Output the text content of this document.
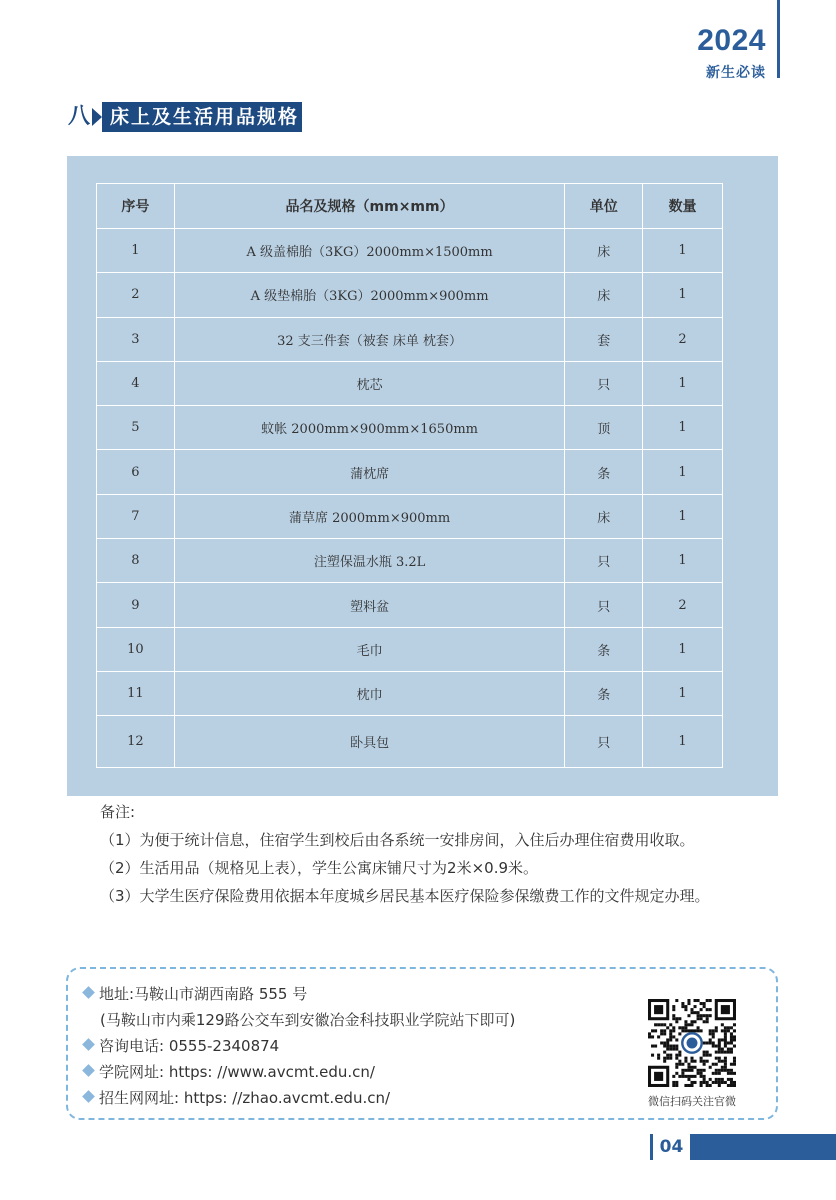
2024
新生必读
八	床上及生活用品规格
序号	品名及规格（mm×mm）	单位	数量
1	A 级盖棉胎（3KG）2000mm×1500mm	床	1
2	A 级垫棉胎（3KG）2000mm×900mm	床	1
3	32 支三件套（被套 床单 枕套）	套	2
4	枕芯	只	1
5	蚊帐 2000mm×900mm×1650mm	顶	1
6	蒲枕席	条	1
7	蒲草席 2000mm×900mm	床	1
8	注塑保温水瓶 3.2L	只	1
9	塑料盆	只	2
10	毛巾	条	1
11	枕巾	条	1
12	卧具包	只	1
备注:
（1）为便于统计信息，住宿学生到校后由各系统一安排房间，入住后办理住宿费用收取。
（2）生活用品（规格见上表），学生公寓床铺尺寸为2米×0.9米。
（3）大学生医疗保险费用依据本年度城乡居民基本医疗保险参保缴费工作的文件规定办理。
地址:马鞍山市湖西南路 555 号
(马鞍山市内乘129路公交车到安徽冶金科技职业学院站下即可)
咨询电话: 0555-2340874
学院网址: https: //www.avcmt.edu.cn/
招生网网址: https: //zhao.avcmt.edu.cn/	微信扫码关注官微
04
